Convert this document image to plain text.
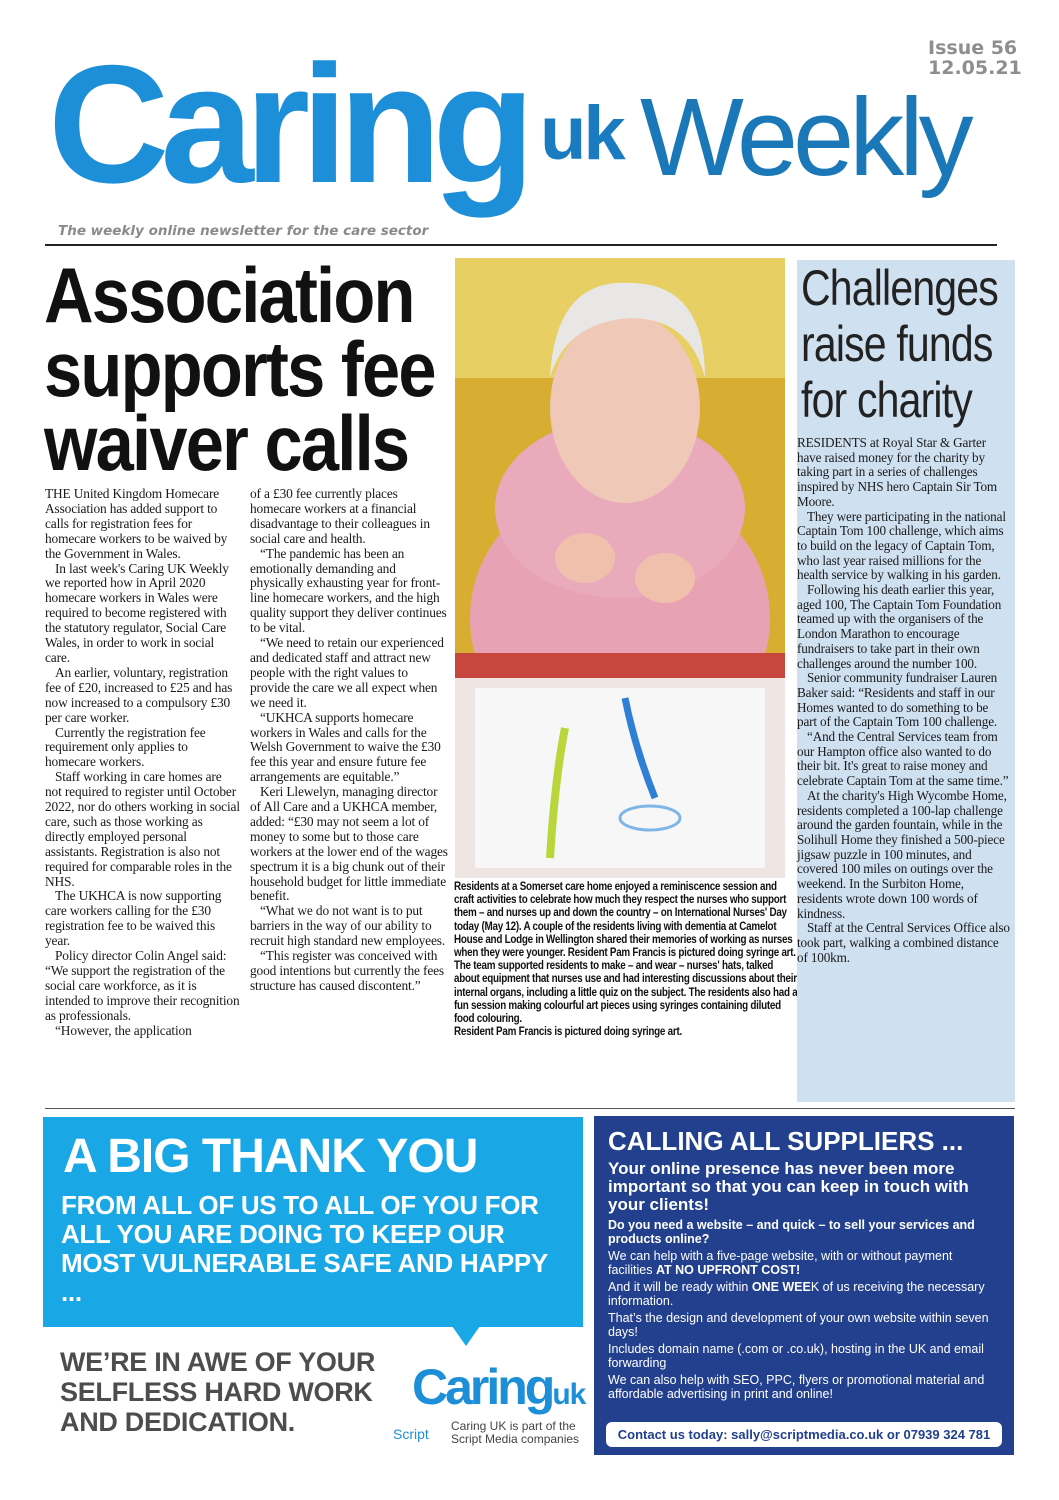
Caring uk Weekly
Issue 56
12.05.21
The weekly online newsletter for the care sector
Association supports fee waiver calls

THE United Kingdom Homecare Association has added support to calls for registration fees for homecare workers to be waived by the Government in Wales.

In last week's Caring UK Weekly we reported how in April 2020 homecare workers in Wales were required to become registered with the statutory regulator, Social Care Wales, in order to work in social care.

An earlier, voluntary, registration fee of £20, increased to £25 and has now increased to a compulsory £30 per care worker.

Currently the registration fee requirement only applies to homecare workers.

Staff working in care homes are not required to register until October 2022, nor do others working in social care, such as those working as directly employed personal assistants. Registration is also not required for comparable roles in the NHS.

The UKHCA is now supporting care workers calling for the £30 registration fee to be waived this year.

Policy director Colin Angel said: “We support the registration of the social care workforce, as it is intended to improve their recognition as professionals.

“However, the application

of a £30 fee currently places homecare workers at a financial disadvantage to their colleagues in social care and health.

“The pandemic has been an emotionally demanding and physically exhausting year for front-line homecare workers, and the high quality support they deliver continues to be vital.

“We need to retain our experienced and dedicated staff and attract new people with the right values to provide the care we all expect when we need it.

“UKHCA supports homecare workers in Wales and calls for the Welsh Government to waive the £30 fee this year and ensure future fee arrangements are equitable.”

Keri Llewelyn, managing director of All Care and a UKHCA member, added: “£30 may not seem a lot of money to some but to those care workers at the lower end of the wages spectrum it is a big chunk out of their household budget for little immediate benefit.

“What we do not want is to put barriers in the way of our ability to recruit high standard new employees.

“This register was conceived with good intentions but currently the fees structure has caused discontent.”

Residents at a Somerset care home enjoyed a reminiscence session and craft activities to celebrate how much they respect the nurses who support them – and nurses up and down the country – on International Nurses' Day today (May 12). A couple of the residents living with dementia at Camelot House and Lodge in Wellington shared their memories of working as nurses when they were younger. Resident Pam Francis is pictured doing syringe art. The team supported residents to make – and wear – nurses' hats, talked about equipment that nurses use and had interesting discussions about their internal organs, including a little quiz on the subject. The residents also had a fun session making colourful art pieces using syringes containing diluted food colouring.
Resident Pam Francis is pictured doing syringe art.
Challenges raise funds for charity

RESIDENTS at Royal Star & Garter have raised money for the charity by taking part in a series of challenges inspired by NHS hero Captain Sir Tom Moore.

They were participating in the national Captain Tom 100 challenge, which aims to build on the legacy of Captain Tom, who last year raised millions for the health service by walking in his garden.

Following his death earlier this year, aged 100, The Captain Tom Foundation teamed up with the organisers of the London Marathon to encourage fundraisers to take part in their own challenges around the number 100.

Senior community fundraiser Lauren Baker said: “Residents and staff in our Homes wanted to do something to be part of the Captain Tom 100 challenge.

“And the Central Services team from our Hampton office also wanted to do their bit. It's great to raise money and celebrate Captain Tom at the same time.”

At the charity's High Wycombe Home, residents completed a 100-lap challenge around the garden fountain, while in the Solihull Home they finished a 500-piece jigsaw puzzle in 100 minutes, and covered 100 miles on outings over the weekend. In the Surbiton Home, residents wrote down 100 words of kindness.

Staff at the Central Services Office also took part, walking a combined distance of 100km.

A BIG THANK YOU
FROM ALL OF US TO ALL OF YOU FOR ALL YOU ARE DOING TO KEEP OUR MOST VULNERABLE SAFE AND HAPPY ...
WE’RE IN AWE OF YOUR SELFLESS HARD WORK AND DEDICATION.
Caringuk
Script Caring UK is part of the Script Media companies
CALLING ALL SUPPLIERS ...
Your online presence has never been more important so that you can keep in touch with your clients!
Do you need a website – and quick – to sell your services and products online?

We can help with a five-page website, with or without payment facilities AT NO UPFRONT COST!

And it will be ready within ONE WEEK of us receiving the necessary information.

That’s the design and development of your own website within seven days!

Includes domain name (.com or .co.uk), hosting in the UK and email forwarding

We can also help with SEO, PPC, flyers or promotional material and affordable advertising in print and online!

Contact us today: sally@scriptmedia.co.uk or 07939 324 781
